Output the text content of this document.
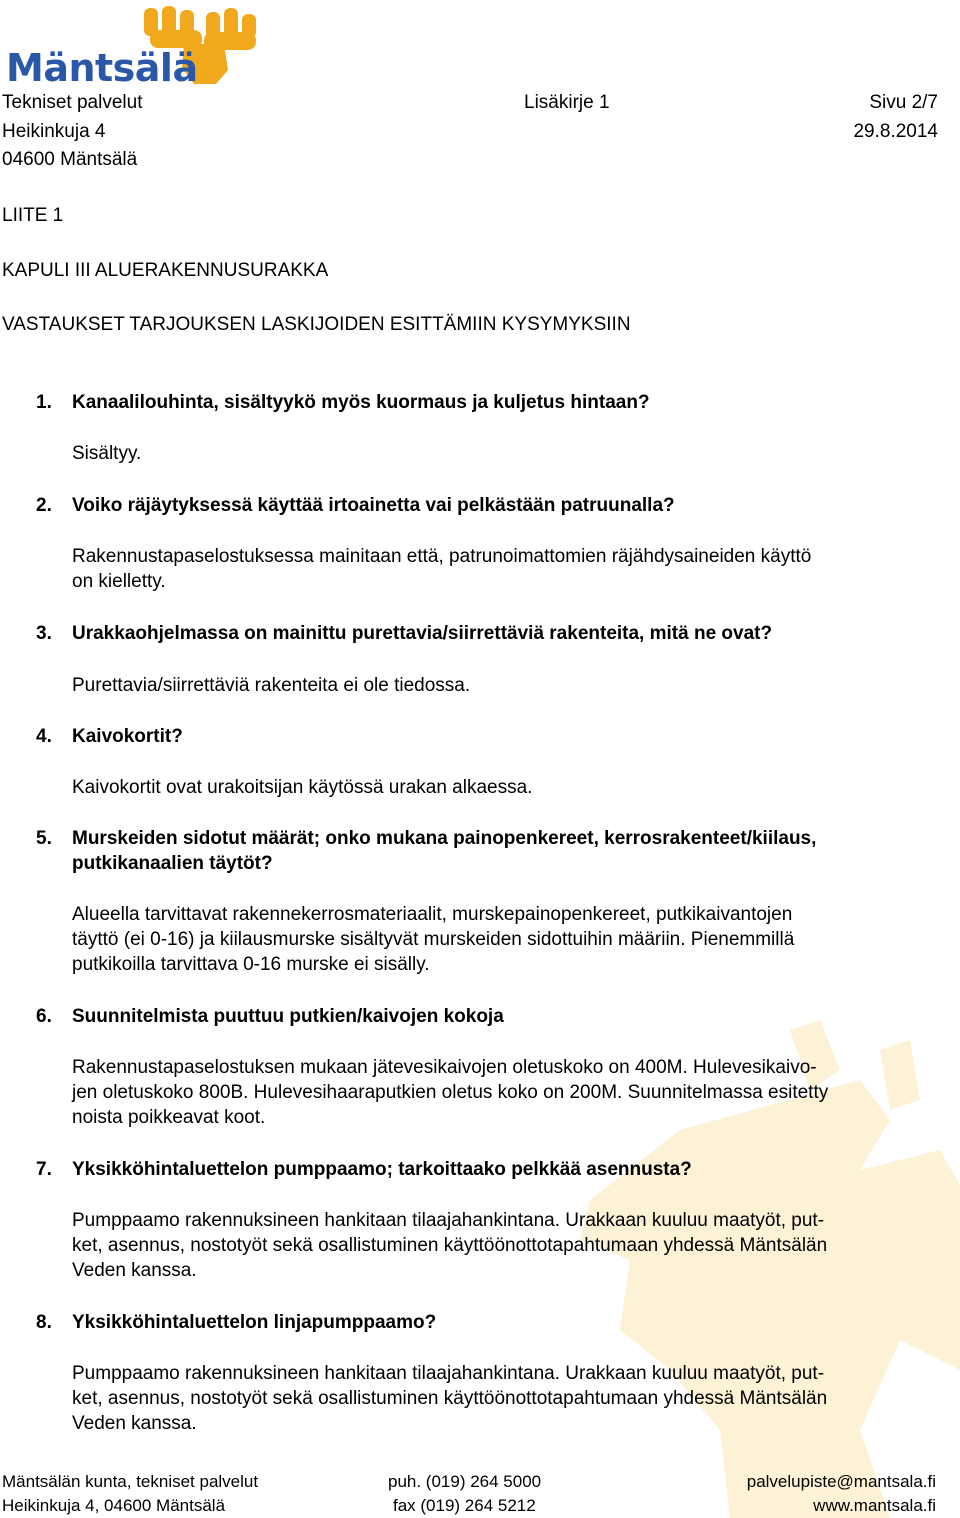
Mäntsälä
Tekniset palvelut	Lisäkirje 1	Sivu 2/7
Heikinkuja 4	29.8.2014
04600 Mäntsälä
LIITE 1
KAPULI III ALUERAKENNUSURAKKA
VASTAUKSET TARJOUKSEN LASKIJOIDEN ESITTÄMIIN KYSYMYKSIIN
1. Kanaalilouhinta, sisältyykö myös kuormaus ja kuljetus hintaan?
Sisältyy.
2. Voiko räjäytyksessä käyttää irtoainetta vai pelkästään patruunalla?
Rakennustapaselostuksessa mainitaan että, patrunoimattomien räjähdysaineiden käyttö
on kielletty.
3. Urakkaohjelmassa on mainittu purettavia/siirrettäviä rakenteita, mitä ne ovat?
Purettavia/siirrettäviä rakenteita ei ole tiedossa.
4. Kaivokortit?
Kaivokortit ovat urakoitsijan käytössä urakan alkaessa.
5. Murskeiden sidotut määrät; onko mukana painopenkereet, kerrosrakenteet/kiilaus,
putkikanaalien täytöt?
Alueella tarvittavat rakennekerrosmateriaalit, murskepainopenkereet, putkikaivantojen
täyttö (ei 0-16) ja kiilausmurske sisältyvät murskeiden sidottuihin määriin. Pienemmillä
putkikoilla tarvittava 0-16 murske ei sisälly.
6. Suunnitelmista puuttuu putkien/kaivojen kokoja
Rakennustapaselostuksen mukaan jätevesikaivojen oletuskoko on 400M. Hulevesikaivo-
jen oletuskoko 800B. Hulevesihaaraputkien oletus koko on 200M. Suunnitelmassa esitetty
noista poikkeavat koot.
7. Yksikköhintaluettelon pumppaamo; tarkoittaako pelkkää asennusta?
Pumppaamo rakennuksineen hankitaan tilaajahankintana. Urakkaan kuuluu maatyöt, put-
ket, asennus, nostotyöt sekä osallistuminen käyttöönottotapahtumaan yhdessä Mäntsälän
Veden kanssa.
8. Yksikköhintaluettelon linjapumppaamo?
Pumppaamo rakennuksineen hankitaan tilaajahankintana. Urakkaan kuuluu maatyöt, put-
ket, asennus, nostotyöt sekä osallistuminen käyttöönottotapahtumaan yhdessä Mäntsälän
Veden kanssa.
Mäntsälän kunta, tekniset palvelut
Heikinkuja 4, 04600 Mäntsälä
puh. (019) 264 5000
fax (019) 264 5212
palvelupiste@mantsala.fi
www.mantsala.fi
